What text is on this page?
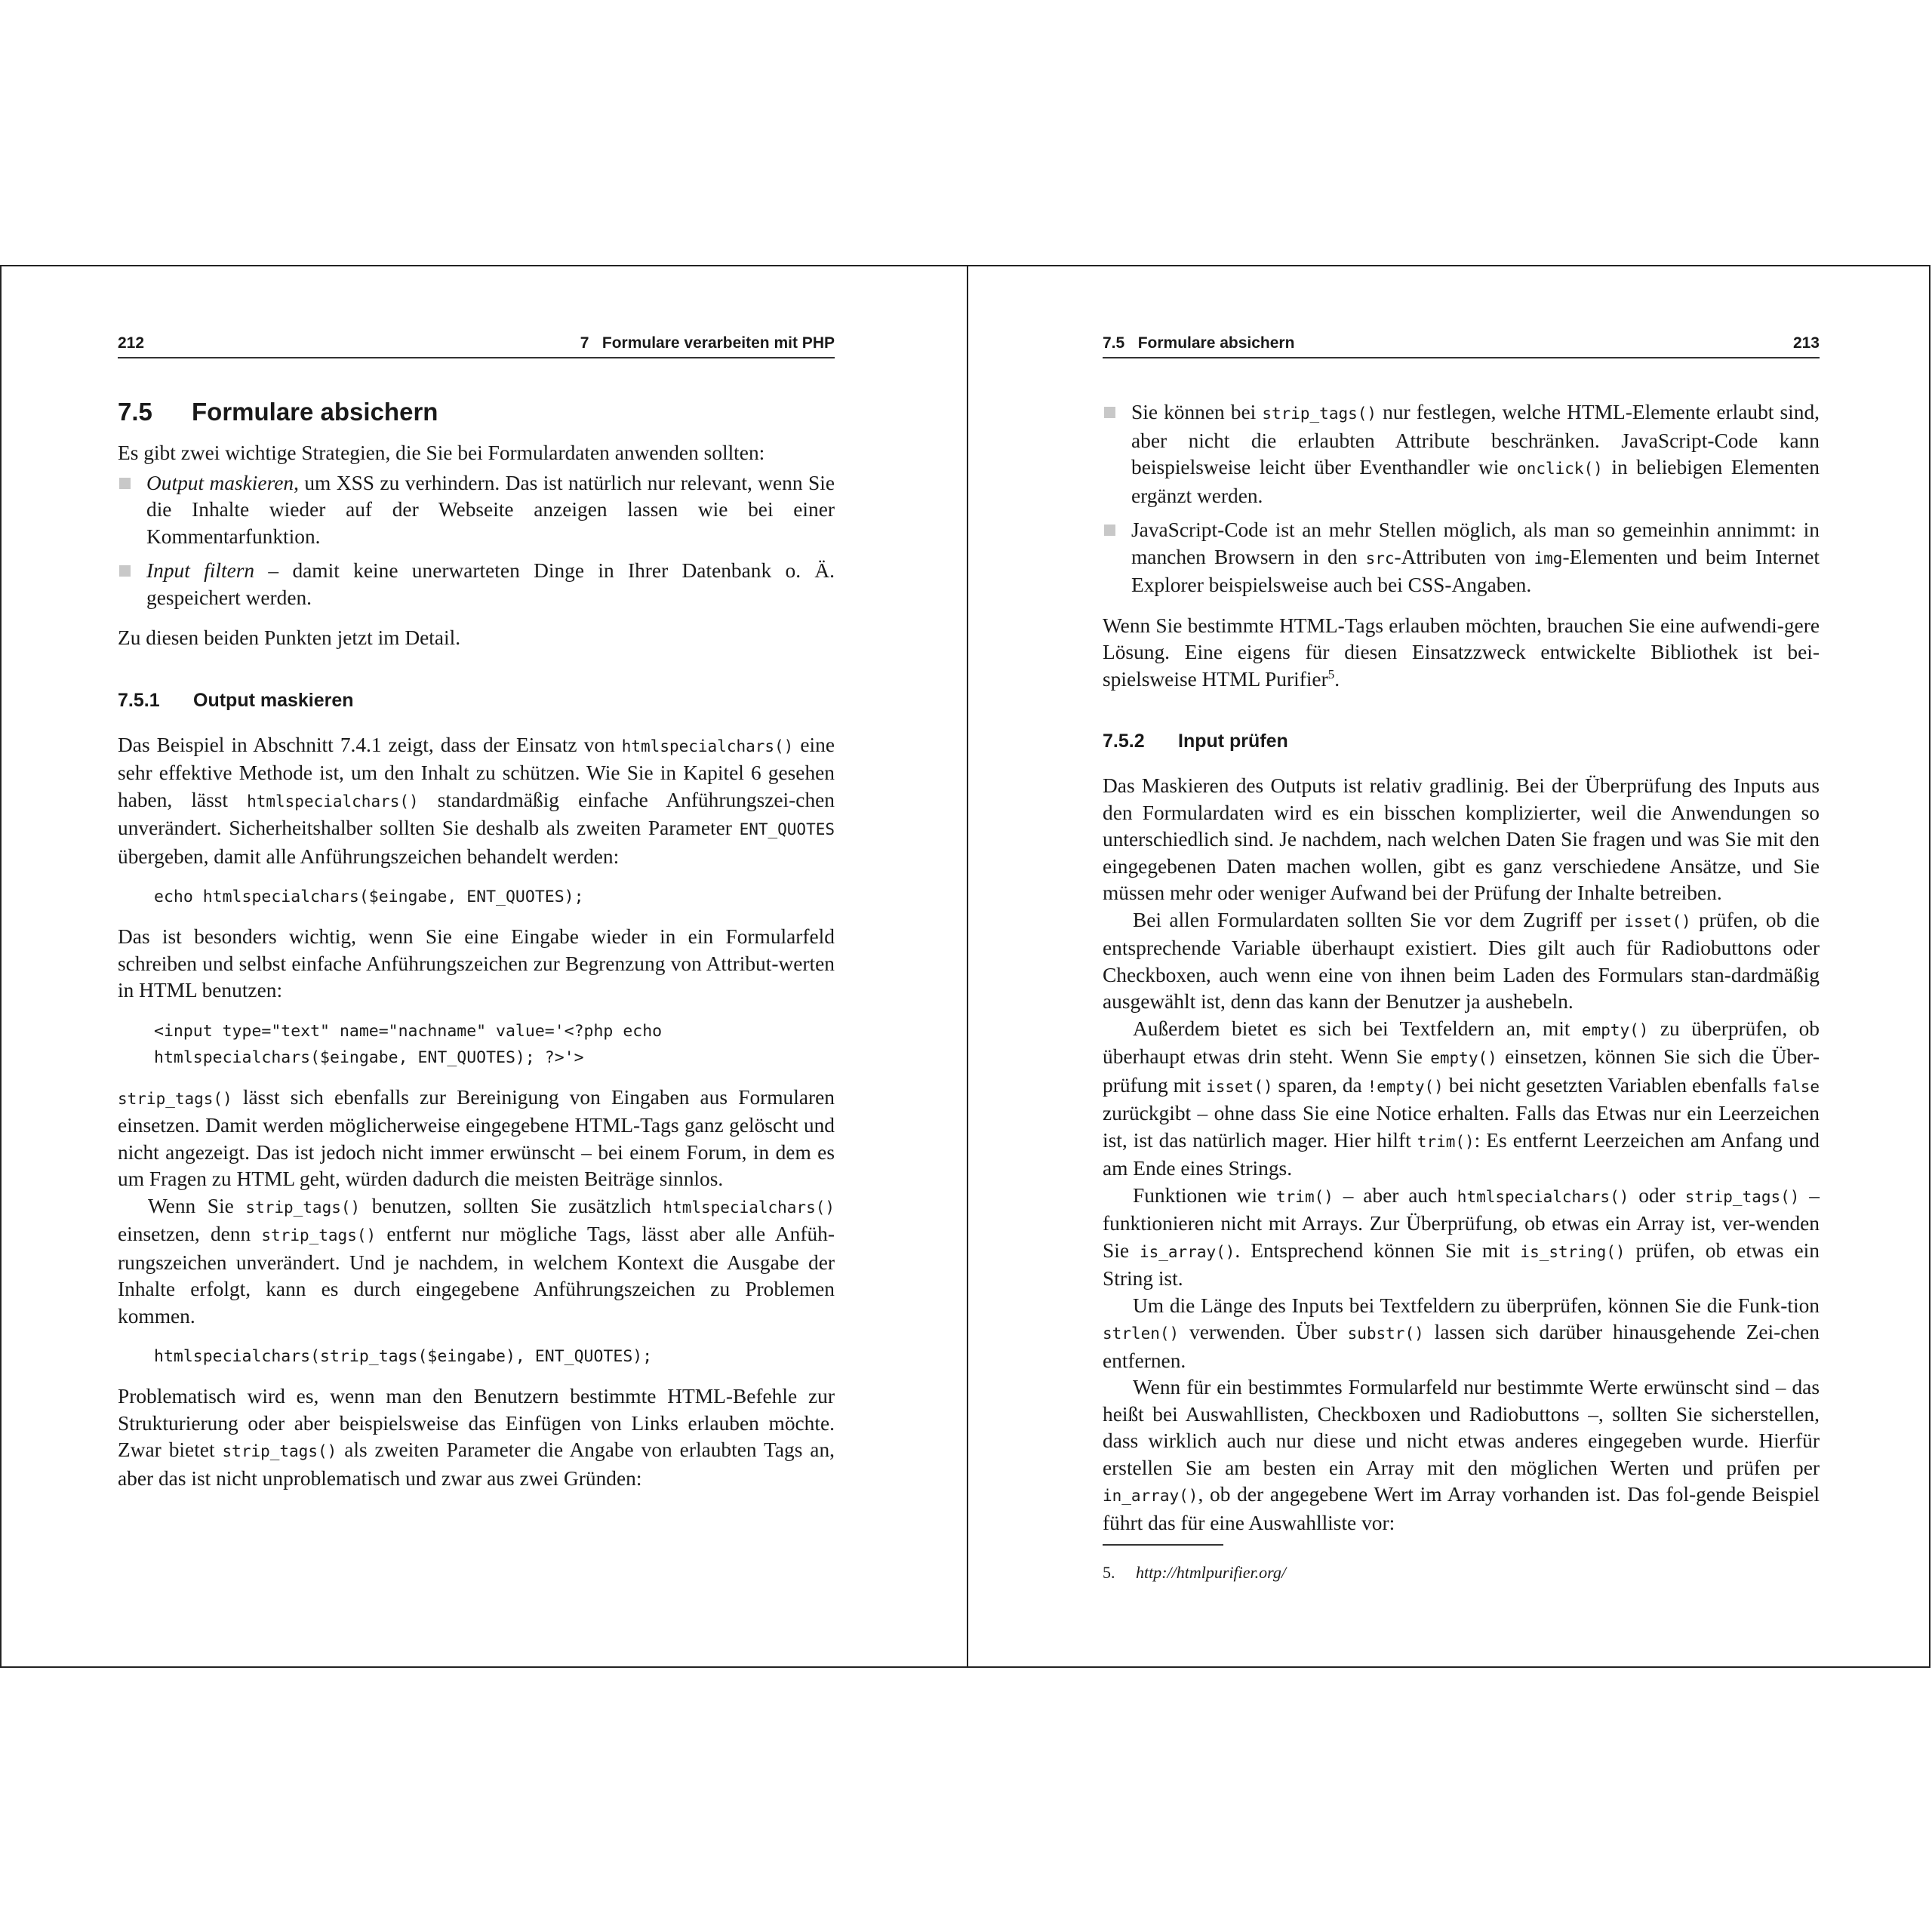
212	7   Formulare verarbeiten mit PHP
7.5 Formulare absichern

Es gibt zwei wichtige Strategien, die Sie bei Formulardaten anwenden sollten:

Output maskieren, um XSS zu verhindern. Das ist natürlich nur relevant, wenn Sie die Inhalte wieder auf der Webseite anzeigen lassen wie bei einer Kommentarfunktion.
Input filtern – damit keine unerwarteten Dinge in Ihrer Datenbank o. Ä. gespeichert werden.

Zu diesen beiden Punkten jetzt im Detail.

7.5.1 Output maskieren

Das Beispiel in Abschnitt 7.4.1 zeigt, dass der Einsatz von htmlspecialchars() eine sehr effektive Methode ist, um den Inhalt zu schützen. Wie Sie in Kapitel 6 gesehen haben, lässt htmlspecialchars() standardmäßig einfache Anführungszei-chen unverändert. Sicherheitshalber sollten Sie deshalb als zweiten Parameter ENT_QUOTES übergeben, damit alle Anführungszeichen behandelt werden:

echo htmlspecialchars($eingabe, ENT_QUOTES);

Das ist besonders wichtig, wenn Sie eine Eingabe wieder in ein Formularfeld schreiben und selbst einfache Anführungszeichen zur Begrenzung von Attribut-werten in HTML benutzen:

<input type="text" name="nachname" value='<?php echo
htmlspecialchars($eingabe, ENT_QUOTES); ?>'>

strip_tags() lässt sich ebenfalls zur Bereinigung von Eingaben aus Formularen einsetzen. Damit werden möglicherweise eingegebene HTML-Tags ganz gelöscht und nicht angezeigt. Das ist jedoch nicht immer erwünscht – bei einem Forum, in dem es um Fragen zu HTML geht, würden dadurch die meisten Beiträge sinnlos.

Wenn Sie strip_tags() benutzen, sollten Sie zusätzlich htmlspecialchars() einsetzen, denn strip_tags() entfernt nur mögliche Tags, lässt aber alle Anfüh-rungszeichen unverändert. Und je nachdem, in welchem Kontext die Ausgabe der Inhalte erfolgt, kann es durch eingegebene Anführungszeichen zu Problemen kommen.

htmlspecialchars(strip_tags($eingabe), ENT_QUOTES);

Problematisch wird es, wenn man den Benutzern bestimmte HTML-Befehle zur Strukturierung oder aber beispielsweise das Einfügen von Links erlauben möchte. Zwar bietet strip_tags() als zweiten Parameter die Angabe von erlaubten Tags an, aber das ist nicht unproblematisch und zwar aus zwei Gründen:

7.5   Formulare absichern	213
Sie können bei strip_tags() nur festlegen, welche HTML-Elemente erlaubt sind, aber nicht die erlaubten Attribute beschränken. JavaScript-Code kann beispielsweise leicht über Eventhandler wie onclick() in beliebigen Elementen ergänzt werden.
JavaScript-Code ist an mehr Stellen möglich, als man so gemeinhin annimmt: in manchen Browsern in den src-Attributen von img-Elementen und beim Internet Explorer beispielsweise auch bei CSS-Angaben.

Wenn Sie bestimmte HTML-Tags erlauben möchten, brauchen Sie eine aufwendi-gere Lösung. Eine eigens für diesen Einsatzzweck entwickelte Bibliothek ist bei-spielsweise HTML Purifier$^5$.

7.5.2 Input prüfen

Das Maskieren des Outputs ist relativ gradlinig. Bei der Überprüfung des Inputs aus den Formulardaten wird es ein bisschen komplizierter, weil die Anwendungen so unterschiedlich sind. Je nachdem, nach welchen Daten Sie fragen und was Sie mit den eingegebenen Daten machen wollen, gibt es ganz verschiedene Ansätze, und Sie müssen mehr oder weniger Aufwand bei der Prüfung der Inhalte betreiben.

Bei allen Formulardaten sollten Sie vor dem Zugriff per isset() prüfen, ob die entsprechende Variable überhaupt existiert. Dies gilt auch für Radiobuttons oder Checkboxen, auch wenn eine von ihnen beim Laden des Formulars stan-dardmäßig ausgewählt ist, denn das kann der Benutzer ja aushebeln.

Außerdem bietet es sich bei Textfeldern an, mit empty() zu überprüfen, ob überhaupt etwas drin steht. Wenn Sie empty() einsetzen, können Sie sich die Über-prüfung mit isset() sparen, da !empty() bei nicht gesetzten Variablen ebenfalls false zurückgibt – ohne dass Sie eine Notice erhalten. Falls das Etwas nur ein Leerzeichen ist, ist das natürlich mager. Hier hilft trim(): Es entfernt Leerzeichen am Anfang und am Ende eines Strings.

Funktionen wie trim() – aber auch htmlspecialchars() oder strip_tags() – funktionieren nicht mit Arrays. Zur Überprüfung, ob etwas ein Array ist, ver-wenden Sie is_array(). Entsprechend können Sie mit is_string() prüfen, ob etwas ein String ist.

Um die Länge des Inputs bei Textfeldern zu überprüfen, können Sie die Funk-tion strlen() verwenden. Über substr() lassen sich darüber hinausgehende Zei-chen entfernen.

Wenn für ein bestimmtes Formularfeld nur bestimmte Werte erwünscht sind – das heißt bei Auswahllisten, Checkboxen und Radiobuttons –, sollten Sie sicherstellen, dass wirklich auch nur diese und nicht etwas anderes eingegeben wurde. Hierfür erstellen Sie am besten ein Array mit den möglichen Werten und prüfen per in_array(), ob der angegebene Wert im Array vorhanden ist. Das fol-gende Beispiel führt das für eine Auswahlliste vor:

5. http://htmlpurifier.org/
